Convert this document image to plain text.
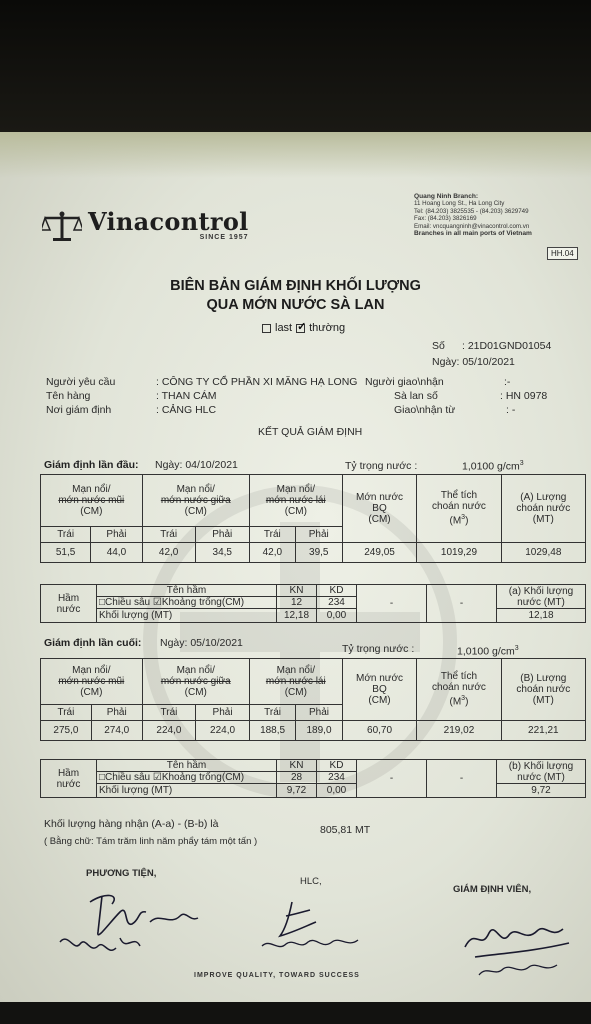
Vinacontrol
SINCE 1957
Quang Ninh Branch:
11 Hoang Long St., Ha Long City
Tel: (84.203) 3825535 - (84.203) 3629749
Fax: (84.203) 3826169
Email: vncquangninh@vinacontrol.com.vn
Branches in all main ports of Vietnam
HH.04
BIÊN BẢN GIÁM ĐỊNH KHỐI LƯỢNG
QUA MỚN NƯỚC SÀ LAN
last ✓ thường
Số : 21D01GND01054
Ngày: 05/10/2021
Người yêu cầu	: CÔNG TY CỔ PHẦN XI MĂNG HẠ LONG
Tên hàng	: THAN CÁM
Nơi giám định	: CẢNG HLC
Người giao\nhận	:-
Sà lan số	: HN 0978
Giao\nhận từ	: -
KẾT QUẢ GIÁM ĐỊNH
Giám định lần đầu: Ngày: 04/10/2021	Tỷ trọng nước :	1,0100 $g/cm^3$
Mạn nổi/
mớn nước mũi
(CM)		Mạn nổi/
mớn nước giữa
(CM)		Mạn nổi/
mớn nước lái
(CM)		Mớn nước
BQ
(CM)	Thể tích
choán nước
$(M^3)$	(A) Lượng
choán nước
(MT)
Trái	Phải	Trái	Phải	Trái	Phải			
51,5	44,0	42,0	34,5	42,0	39,5	249,05	1019,29	1029,48
Hầm
nước	Tên hầm	KN	KD	-	-	(a) Khối lượng
nước (MT)
	□Chiều sâu ☑Khoảng trống(CM)	12	234			
	Khối lượng (MT)	12,18	0,00			12,18
Giám định lần cuối: Ngày: 05/10/2021	Tỷ trọng nước :	1,0100 $g/cm^3$
Mạn nổi/
mớn nước mũi
(CM)		Mạn nổi/
mớn nước giữa
(CM)		Mạn nổi/
mớn nước lái
(CM)		Mớn nước
BQ
(CM)	Thể tích
choán nước
$(M^3)$	(B) Lượng
choán nước
(MT)
Trái	Phải	Trái	Phải	Trái	Phải			
275,0	274,0	224,0	224,0	188,5	189,0	60,70	219,02	221,21
Hầm
nước	Tên hầm	KN	KD	-	-	(b) Khối lượng
nước (MT)
	□Chiều sâu ☑Khoảng trống(CM)	28	234			
	Khối lượng (MT)	9,72	0,00			9,72
Khối lượng hàng nhận (A-a) - (B-b) là	805,81 MT
( Bằng chữ: Tám trăm linh năm phẩy tám một tấn )
PHƯƠNG TIỆN,
HLC,
GIÁM ĐỊNH VIÊN,
IMPROVE QUALITY, TOWARD SUCCESS
